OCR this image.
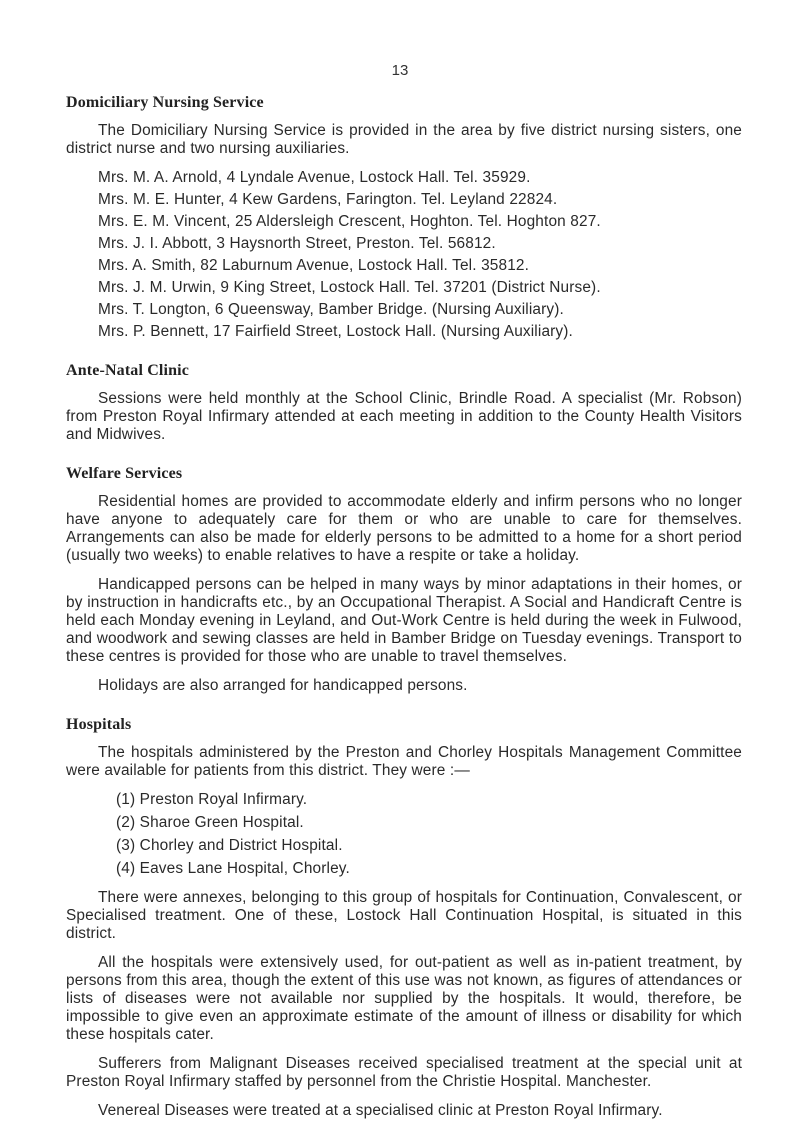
13
Domiciliary Nursing Service

The Domiciliary Nursing Service is provided in the area by five district nursing sisters, one district nurse and two nursing auxiliaries.

Mrs. M. A. Arnold, 4 Lyndale Avenue, Lostock Hall. Tel. 35929.
Mrs. M. E. Hunter, 4 Kew Gardens, Farington. Tel. Leyland 22824.
Mrs. E. M. Vincent, 25 Aldersleigh Crescent, Hoghton. Tel. Hoghton 827.
Mrs. J. I. Abbott, 3 Haysnorth Street, Preston. Tel. 56812.
Mrs. A. Smith, 82 Laburnum Avenue, Lostock Hall. Tel. 35812.
Mrs. J. M. Urwin, 9 King Street, Lostock Hall. Tel. 37201 (District Nurse).
Mrs. T. Longton, 6 Queensway, Bamber Bridge. (Nursing Auxiliary).
Mrs. P. Bennett, 17 Fairfield Street, Lostock Hall. (Nursing Auxiliary).
Ante-Natal Clinic

Sessions were held monthly at the School Clinic, Brindle Road. A specialist (Mr. Robson) from Preston Royal Infirmary attended at each meeting in addition to the County Health Visitors and Midwives.

Welfare Services

Residential homes are provided to accommodate elderly and infirm persons who no longer have anyone to adequately care for them or who are unable to care for themselves. Arrangements can also be made for elderly persons to be admitted to a home for a short period (usually two weeks) to enable relatives to have a respite or take a holiday.

Handicapped persons can be helped in many ways by minor adaptations in their homes, or by instruction in handicrafts etc., by an Occupational Therapist. A Social and Handicraft Centre is held each Monday evening in Leyland, and Out-Work Centre is held during the week in Fulwood, and woodwork and sewing classes are held in Bamber Bridge on Tuesday evenings. Transport to these centres is provided for those who are unable to travel themselves.

Holidays are also arranged for handicapped persons.

Hospitals

The hospitals administered by the Preston and Chorley Hospitals Management Committee were available for patients from this district. They were :—

(1) Preston Royal Infirmary.
(2) Sharoe Green Hospital.
(3) Chorley and District Hospital.
(4) Eaves Lane Hospital, Chorley.

There were annexes, belonging to this group of hospitals for Continuation, Convalescent, or Specialised treatment. One of these, Lostock Hall Continuation Hospital, is situated in this district.

All the hospitals were extensively used, for out-patient as well as in-patient treatment, by persons from this area, though the extent of this use was not known, as figures of attendances or lists of diseases were not available nor supplied by the hospitals. It would, therefore, be impossible to give even an approximate estimate of the amount of illness or disability for which these hospitals cater.

Sufferers from Malignant Diseases received specialised treatment at the special unit at Preston Royal Infirmary staffed by personnel from the Christie Hospital. Manchester.

Venereal Diseases were treated at a specialised clinic at Preston Royal Infirmary.
